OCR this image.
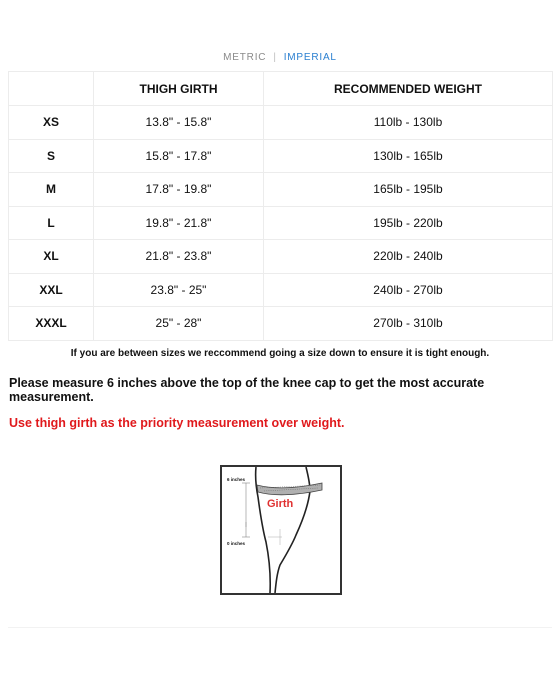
METRIC | IMPERIAL
	THIGH GIRTH	RECOMMENDED WEIGHT
XS	13.8" - 15.8"	110lb - 130lb
S	15.8" - 17.8"	130lb - 165lb
M	17.8" - 19.8"	165lb - 195lb
L	19.8" - 21.8"	195lb - 220lb
XL	21.8" - 23.8"	220lb - 240lb
XXL	23.8" - 25"	240lb - 270lb
XXXL	25" - 28"	270lb - 310lb
If you are between sizes we reccommend going a size down to ensure it is tight enough.
Please measure 6 inches above the top of the knee cap to get the most accurate measurement.
Use thigh girth as the priority measurement over weight.
6 inches
Girth
0 inches
